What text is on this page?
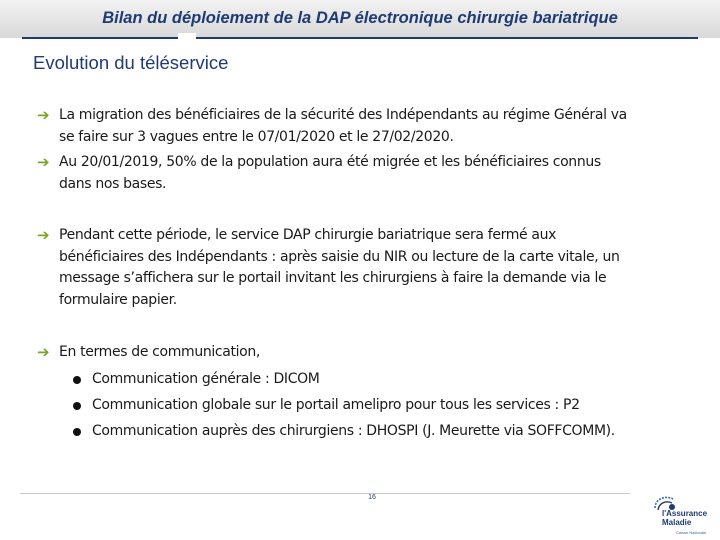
Bilan du déploiement de la DAP électronique chirurgie bariatrique
Evolution du téléservice
➔ La migration des bénéficiaires de la sécurité des Indépendants au régime Général va
se faire sur 3 vagues entre le 07/01/2020 et le 27/02/2020.
➔ Au 20/01/2019, 50% de la population aura été migrée et les bénéficiaires connus
dans nos bases.
➔ Pendant cette période, le service DAP chirurgie bariatrique sera fermé aux
bénéficiaires des Indépendants : après saisie du NIR ou lecture de la carte vitale, un
message s’affichera sur le portail invitant les chirurgiens à faire la demande via le
formulaire papier.
➔ En termes de communication,
Communication générale : DICOM
Communication globale sur le portail amelipro pour tous les services : P2
Communication auprès des chirurgiens : DHOSPI (J. Meurette via SOFFCOMM).
16
l'Assurance
Maladie
Caisse Nationale
